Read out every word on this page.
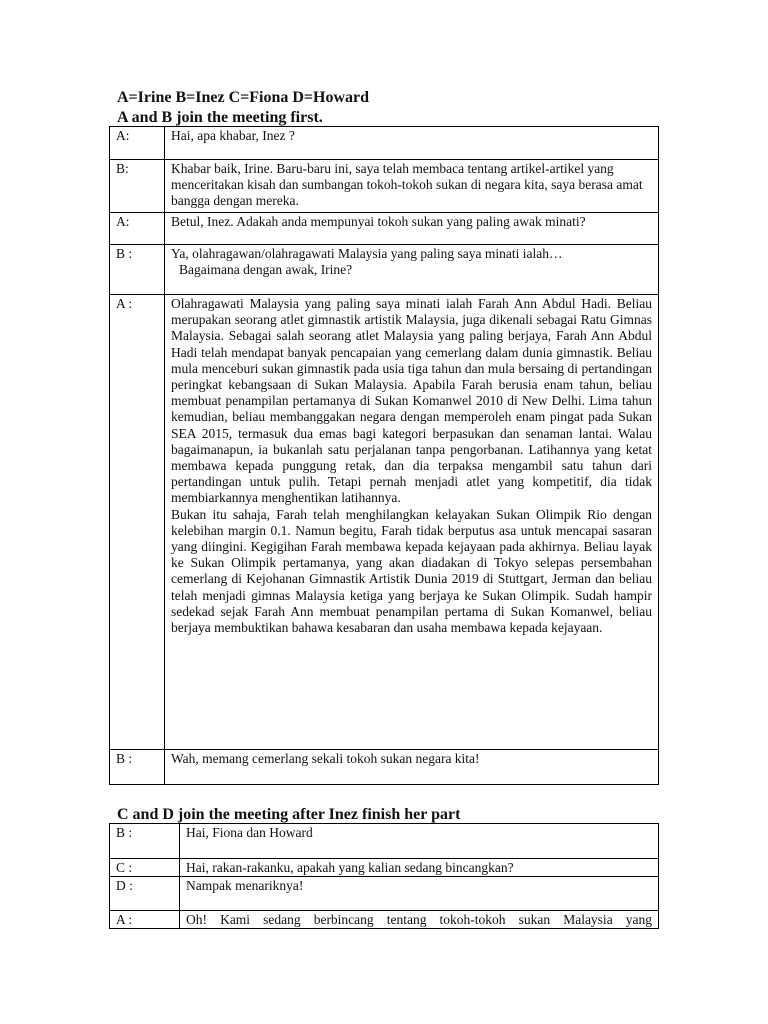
A=Irine B=Inez C=Fiona D=Howard
A and B join the meeting first.
A:	Hai, apa khabar, Inez ?

B:	Khabar baik, Irine. Baru-baru ini, saya telah membaca tentang artikel-artikel yang menceritakan kisah dan sumbangan tokoh-tokoh sukan di negara kita, saya berasa amat bangga dengan mereka.

A:	Betul, Inez. Adakah anda mempunyai tokoh sukan yang paling awak minati?

B :	Ya, olahragawan/olahragawati Malaysia yang paling saya minati ialah…
Bagaimana dengan awak, Irine?

A :	Olahragawati Malaysia yang paling saya minati ialah Farah Ann Abdul Hadi. Beliau merupakan seorang atlet gimnastik artistik Malaysia, juga dikenali sebagai Ratu Gimnas Malaysia. Sebagai salah seorang atlet Malaysia yang paling berjaya, Farah Ann Abdul Hadi telah mendapat banyak pencapaian yang cemerlang dalam dunia gimnastik. Beliau mula menceburi sukan gimnastik pada usia tiga tahun dan mula bersaing di pertandingan peringkat kebangsaan di Sukan Malaysia. Apabila Farah berusia enam tahun, beliau membuat penampilan pertamanya di Sukan Komanwel 2010 di New Delhi. Lima tahun kemudian, beliau membanggakan negara dengan memperoleh enam pingat pada Sukan SEA 2015, termasuk dua emas bagi kategori berpasukan dan senaman lantai. Walau bagaimanapun, ia bukanlah satu perjalanan tanpa pengorbanan. Latihannya yang ketat membawa kepada punggung retak, dan dia terpaksa mengambil satu tahun dari pertandingan untuk pulih. Tetapi pernah menjadi atlet yang kompetitif, dia tidak membiarkannya menghentikan latihannya.
Bukan itu sahaja, Farah telah menghilangkan kelayakan Sukan Olimpik Rio dengan kelebihan margin 0.1. Namun begitu, Farah tidak berputus asa untuk mencapai sasaran yang diingini. Kegigihan Farah membawa kepada kejayaan pada akhirnya. Beliau layak ke Sukan Olimpik pertamanya, yang akan diadakan di Tokyo selepas persembahan cemerlang di Kejohanan Gimnastik Artistik Dunia 2019 di Stuttgart, Jerman dan beliau telah menjadi gimnas Malaysia ketiga yang berjaya ke Sukan Olimpik. Sudah hampir sedekad sejak Farah Ann membuat penampilan pertama di Sukan Komanwel, beliau berjaya membuktikan bahawa kesabaran dan usaha membawa kepada kejayaan.

B :	Wah, memang cemerlang sekali tokoh sukan negara kita!
C and D join the meeting after Inez finish her part
B :	Hai, Fiona dan Howard

C :	Hai, rakan-rakanku, apakah yang kalian sedang bincangkan?

D :	Nampak menariknya!

A :	Oh! Kami sedang berbincang tentang tokoh-tokoh sukan Malaysia yang
